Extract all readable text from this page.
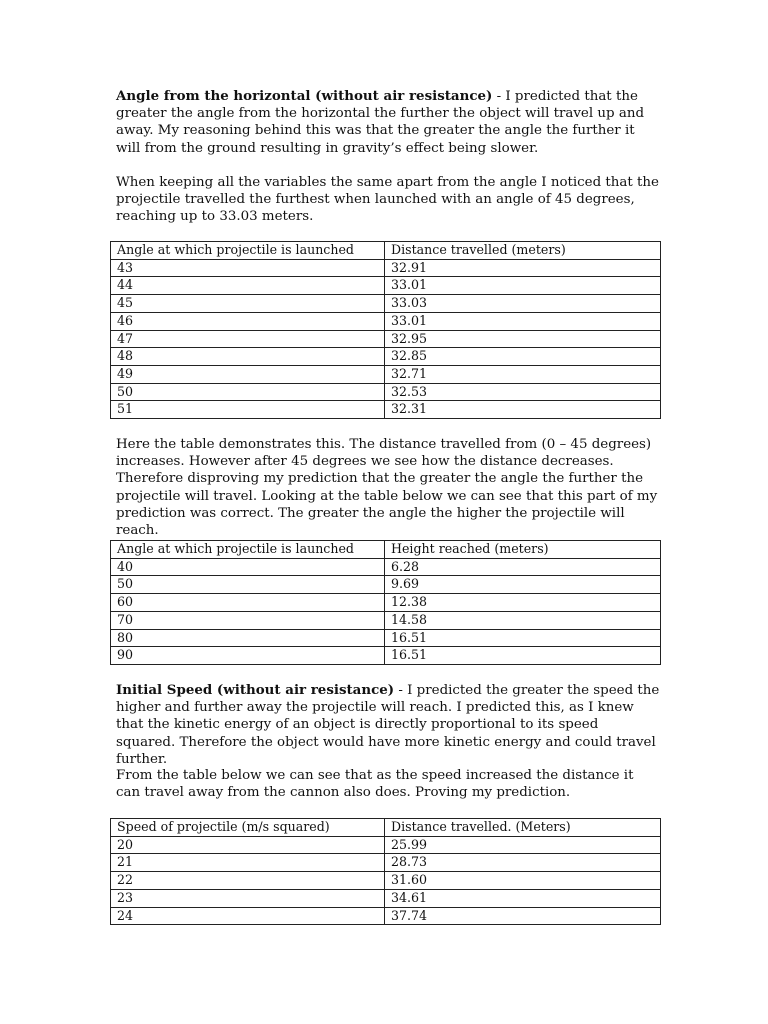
Angle from the horizontal (without air resistance) - I predicted that the greater the angle from the horizontal the further the object will travel up and away. My reasoning behind this was that the greater the angle the further it will from the ground resulting in gravity’s effect being slower.

When keeping all the variables the same apart from the angle I noticed that the projectile travelled the furthest when launched with an angle of 45 degrees, reaching up to 33.03 meters.

Angle at which projectile is launched	Distance travelled (meters)
43	32.91
44	33.01
45	33.03
46	33.01
47	32.95
48	32.85
49	32.71
50	32.53
51	32.31

Here the table demonstrates this. The distance travelled from (0 – 45 degrees) increases. However after 45 degrees we see how the distance decreases. Therefore disproving my prediction that the greater the angle the further the projectile will travel. Looking at the table below we can see that this part of my prediction was correct. The greater the angle the higher the projectile will reach.

Angle at which projectile is launched	Height reached (meters)
40	6.28
50	9.69
60	12.38
70	14.58
80	16.51
90	16.51

Initial Speed (without air resistance) - I predicted the greater the speed the higher and further away the projectile will reach. I predicted this, as I knew that the kinetic energy of an object is directly proportional to its speed squared. Therefore the object would have more kinetic energy and could travel further.

From the table below we can see that as the speed increased the distance it can travel away from the cannon also does. Proving my prediction.

Speed of projectile (m/s squared)	Distance travelled. (Meters)
20	25.99
21	28.73
22	31.60
23	34.61
24	37.74
